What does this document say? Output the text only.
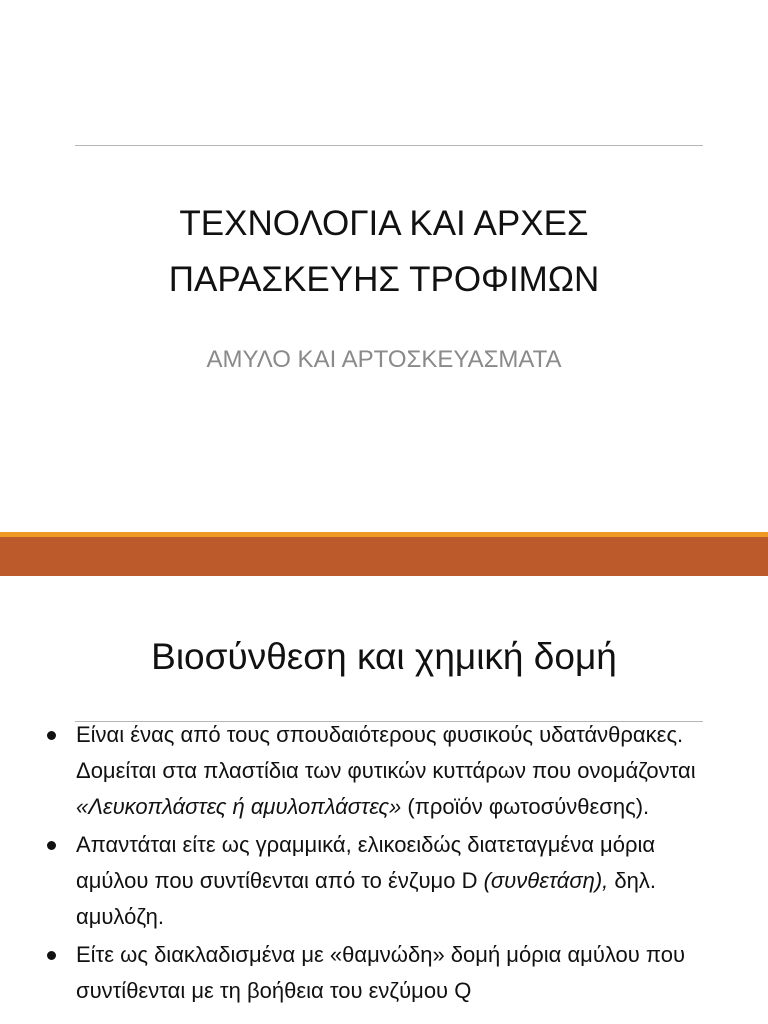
ΤΕΧΝΟΛΟΓΙΑ ΚΑΙ ΑΡΧΕΣ
ΠΑΡΑΣΚΕΥΗΣ ΤΡΟΦΙΜΩΝ
ΑΜΥΛΟ ΚΑΙ ΑΡΤΟΣΚΕΥΑΣΜΑΤΑ
Βιοσύνθεση και χημική δομή
Είναι ένας από τους σπουδαιότερους φυσικούς υδατάνθρακες. Δομείται στα πλαστίδια των φυτικών κυττάρων που ονομάζονται «Λευκοπλάστες ή αμυλοπλάστες» (προϊόν φωτοσύνθεσης).
Απαντάται είτε ως γραμμικά, ελικοειδώς διατεταγμένα μόρια αμύλου που συντίθενται από το ένζυμο D (συνθετάση), δηλ. αμυλόζη.
Είτε ως διακλαδισμένα με «θαμνώδη» δομή μόρια αμύλου που συντίθενται με τη βοήθεια του ενζύμου Q
